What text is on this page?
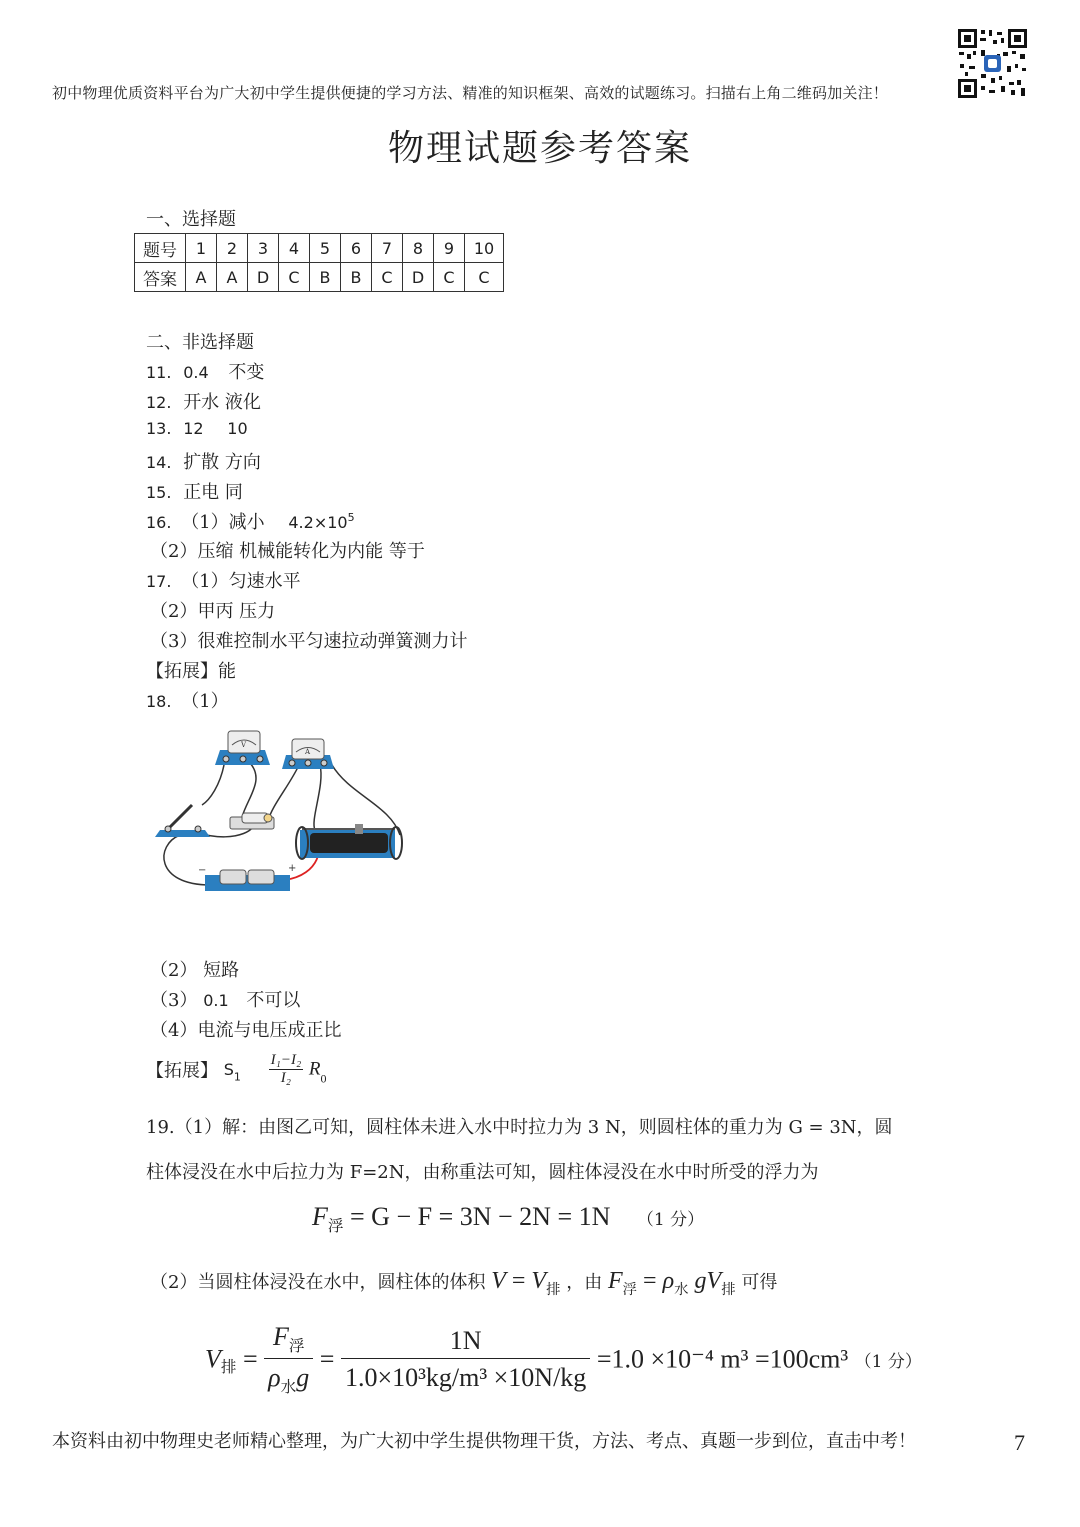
初中物理优质资料平台为广大初中学生提供便捷的学习方法、精准的知识框架、高效的试题练习。扫描右上角二维码加关注！
物理试题参考答案
一、选择题
题号	1	2	3	4	5	6	7	8	9	10
答案	A	A	D	C	B	B	C	D	C	C
二、非选择题
11. 0.4 不变
12. 开水 液化
13. 12 10
14. 扩散 方向
15. 正电 同
16. （1）减小 $4.2\times 10^5$
（2）压缩 机械能转化为内能 等于
17. （1）匀速水平
（2）甲丙 压力
（3）很难控制水平匀速拉动弹簧测力计
【拓展】能
18. （1）
V
A
−	+
（2） 短路
（3） 0.1 不可以
（4）电流与电压成正比
【拓展】 $S_1 \frac{\text{I₁−I₂}}{\text{I₂}} R_0$
19.（1）解：由图乙可知，圆柱体未进入水中时拉力为 3 N，则圆柱体的重力为 G = 3N，圆
柱体浸没在水中后拉力为 F=2N，由称重法可知，圆柱体浸没在水中时所受的浮力为
$F_浮 = G - F = 3N - 2N = 1N$ （1 分）
（2）当圆柱体浸没在水中，圆柱体的体积 $V = V_排$ ，由 $F_浮 = \rho_水$ $gV_排$ 可得
$V_排 = \frac{F_浮}{\rho_水g} = \frac{1N}{\text{1.0×10³kg/m³ ×10N/kg}} =1.0 \times 10^{-4}$ m³ =100cm³ （1 分）
本资料由初中物理史老师精心整理，为广大初中学生提供物理干货，方法、考点、真题一步到位，直击中考！	7
